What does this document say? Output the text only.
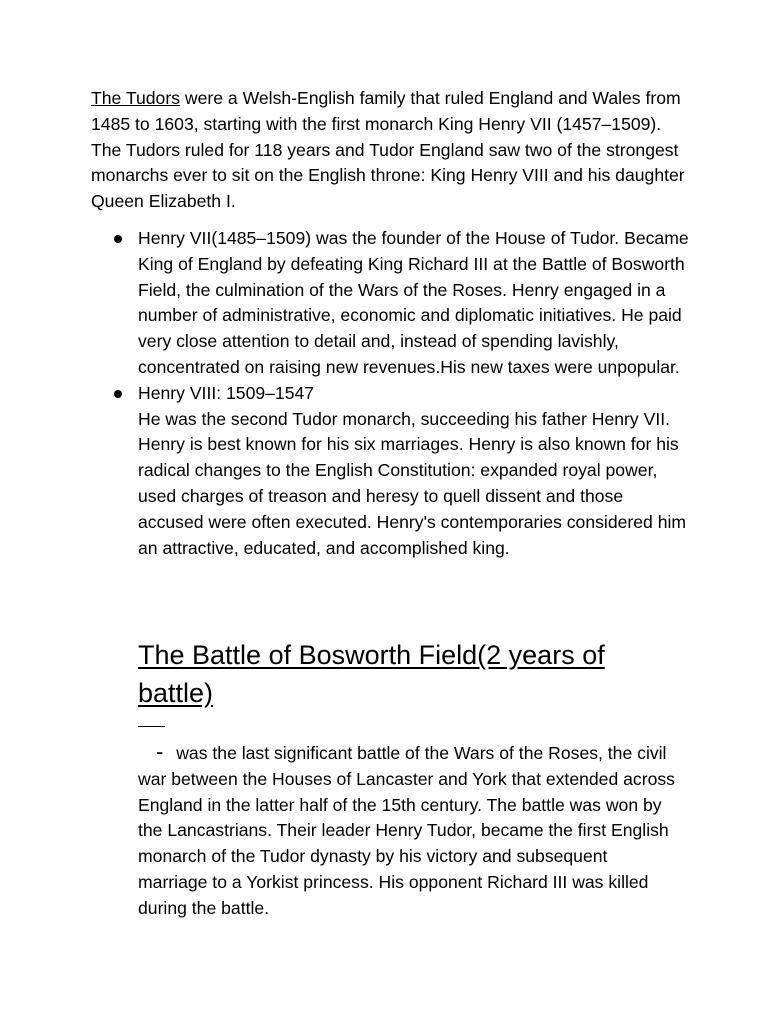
The Tudors were a Welsh-English family that ruled England and Wales from 1485 to 1603, starting with the first monarch King Henry VII (1457–1509). The Tudors ruled for 118 years and Tudor England saw two of the strongest monarchs ever to sit on the English throne: King Henry VIII and his daughter Queen Elizabeth I.

Henry VII(1485–1509) was the founder of the House of Tudor. Became King of England by defeating King Richard III at the Battle of Bosworth Field, the culmination of the Wars of the Roses. Henry engaged in a number of administrative, economic and diplomatic initiatives. He paid very close attention to detail and, instead of spending lavishly, concentrated on raising new revenues.His new taxes were unpopular.
Henry VIII: 1509–1547
He was the second Tudor monarch, succeeding his father Henry VII. Henry is best known for his six marriages. Henry is also known for his radical changes to the English Constitution: expanded royal power, used charges of treason and heresy to quell dissent and those accused were often executed. Henry's contemporaries considered him an attractive, educated, and accomplished king.
The Battle of Bosworth Field(2 years of battle)

- was the last significant battle of the Wars of the Roses, the civil war between the Houses of Lancaster and York that extended across England in the latter half of the 15th century. The battle was won by the Lancastrians. Their leader Henry Tudor, became the first English monarch of the Tudor dynasty by his victory and subsequent marriage to a Yorkist princess. His opponent Richard III was killed during the battle.
